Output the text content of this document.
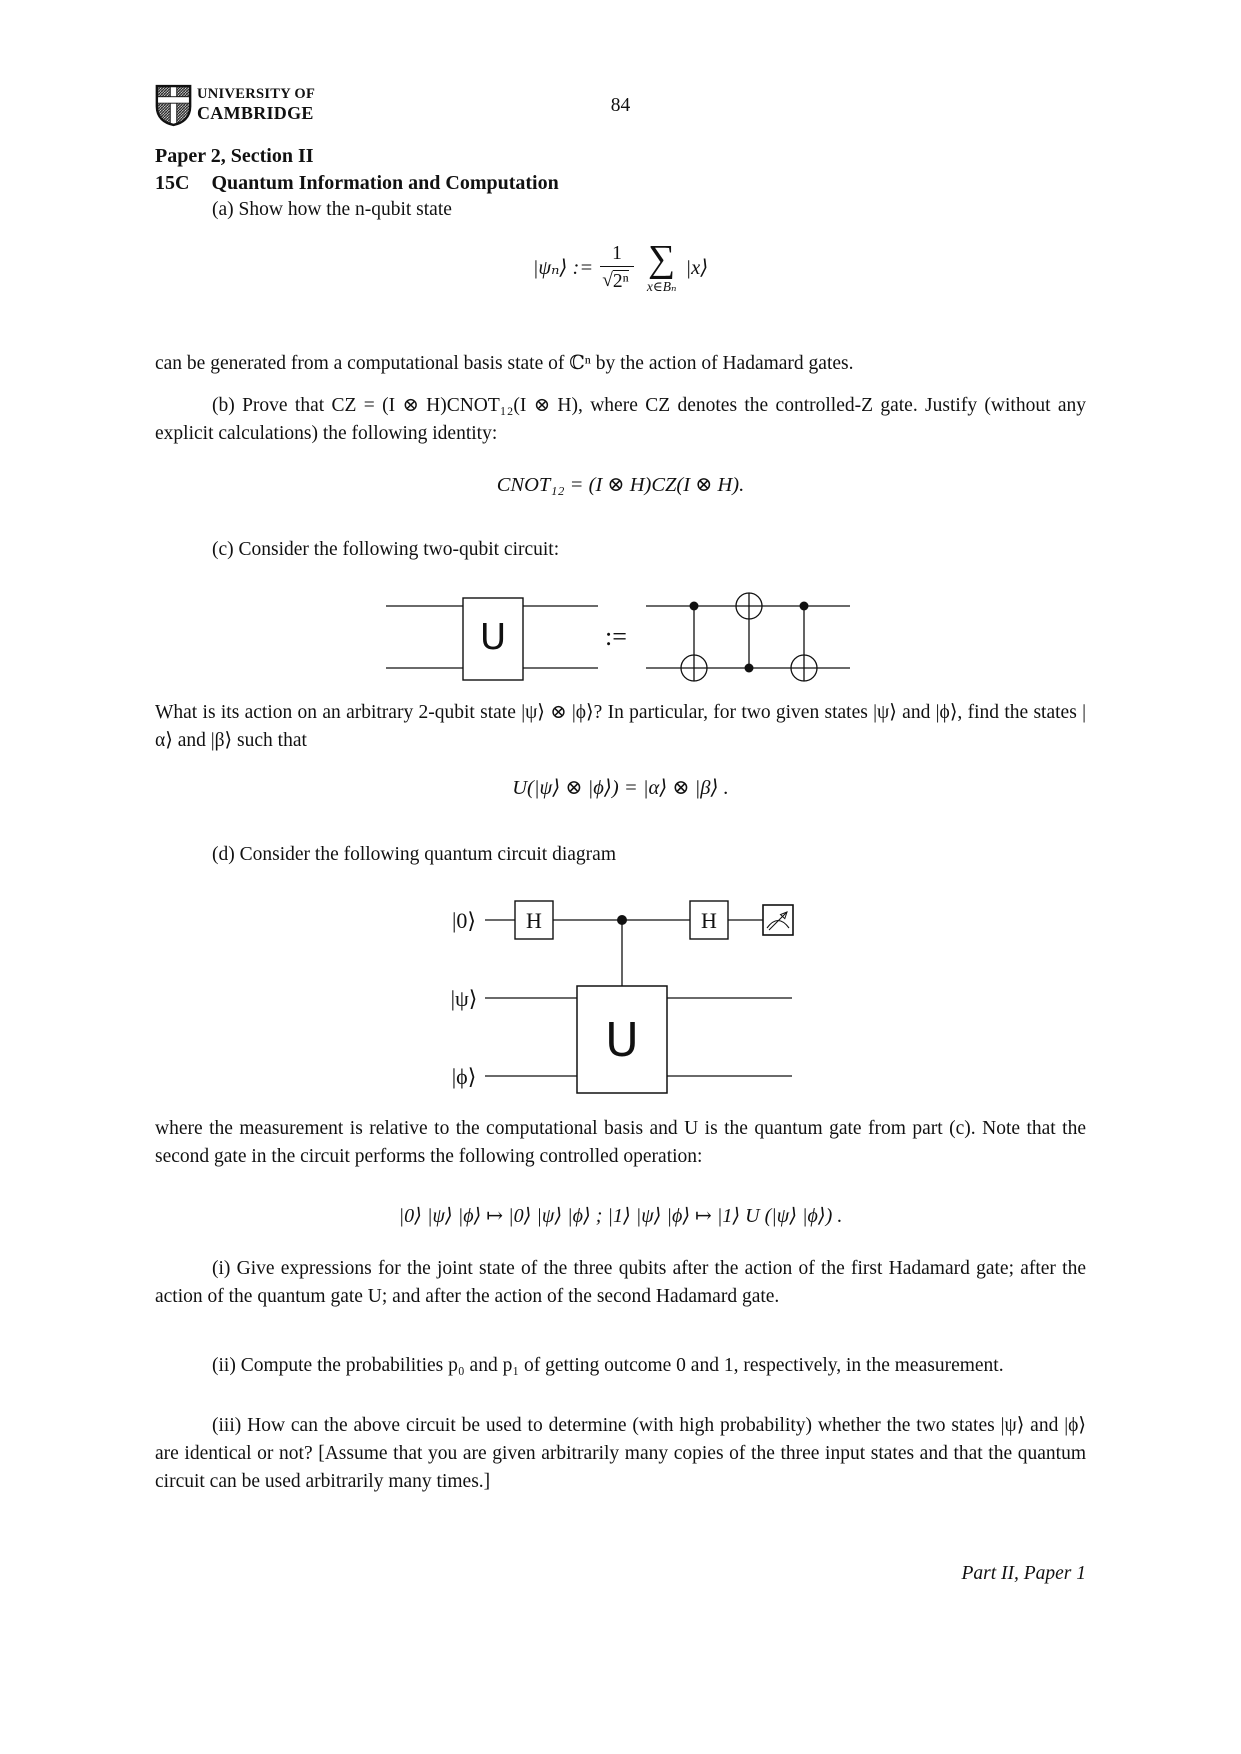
UNIVERSITY OF
CAMBRIDGE	84
Paper 2, Section II
15C Quantum Information and Computation

(a) Show how the n-qubit state

|ψₙ⟩ := $\frac{1}{\text{√ 2ⁿ}}$ ∑
x∈Bₙ
|x⟩

can be generated from a computational basis state of ℂⁿ by the action of Hadamard gates.

(b) Prove that CZ = (I ⊗ H)CNOT₁₂(I ⊗ H), where CZ denotes the controlled-Z gate. Justify (without any explicit calculations) the following identity:

CNOT₁₂ = (I ⊗ H)CZ(I ⊗ H).

(c) Consider the following two-qubit circuit:

U	:=

What is its action on an arbitrary 2-qubit state |ψ⟩ ⊗ |ϕ⟩? In particular, for two given states |ψ⟩ and |ϕ⟩, find the states |α⟩ and |β⟩ such that

U(|ψ⟩ ⊗ |ϕ⟩) = |α⟩ ⊗ |β⟩ .

(d) Consider the following quantum circuit diagram

|0⟩ H	H
|ψ⟩
|ϕ⟩
U

where the measurement is relative to the computational basis and U is the quantum gate from part (c). Note that the second gate in the circuit performs the following controlled operation:

|0⟩ |ψ⟩ |ϕ⟩ ↦ |0⟩ |ψ⟩ |ϕ⟩ ; |1⟩ |ψ⟩ |ϕ⟩ ↦ |1⟩ U (|ψ⟩ |ϕ⟩) .

(i) Give expressions for the joint state of the three qubits after the action of the first Hadamard gate; after the action of the quantum gate U; and after the action of the second Hadamard gate.

(ii) Compute the probabilities p₀ and p₁ of getting outcome 0 and 1, respectively, in the measurement.

(iii) How can the above circuit be used to determine (with high probability) whether the two states |ψ⟩ and |ϕ⟩ are identical or not? [Assume that you are given arbitrarily many copies of the three input states and that the quantum circuit can be used arbitrarily many times.]

Part II, Paper 1
